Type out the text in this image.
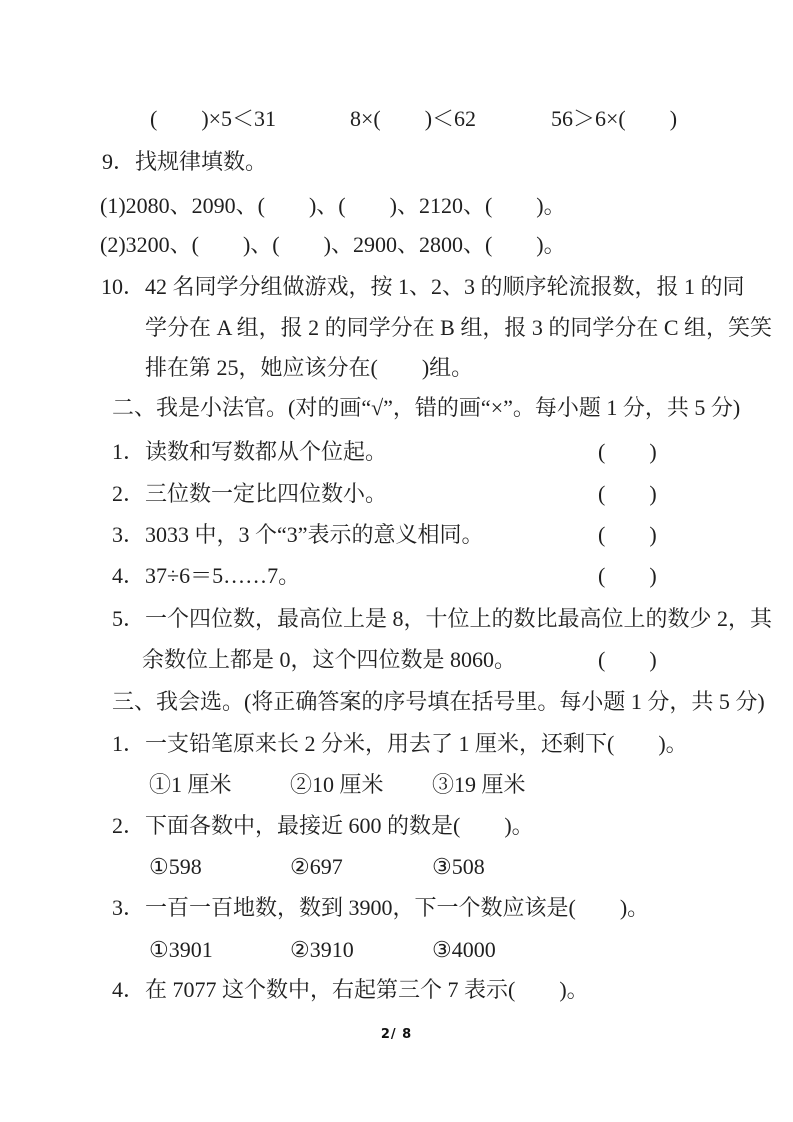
(　　)×5＜31	8×(　　)＜62	56＞6×(　　)
9．找规律填数。
(1)2080、2090、(　　)、(　　)、2120、(　　)。
(2)3200、(　　)、(　　)、2900、2800、(　　)。
10．42 名同学分组做游戏，按 1、2、3 的顺序轮流报数，报 1 的同
学分在 A 组，报 2 的同学分在 B 组，报 3 的同学分在 C 组，笑笑
排在第 25，她应该分在(　　)组。
二、我是小法官。(对的画“√”，错的画“×”。每小题 1 分，共 5 分)
1．读数和写数都从个位起。	(　　)
2．三位数一定比四位数小。	(　　)
3．3033 中，3 个“3”表示的意义相同。	(　　)
4．37÷6＝5……7。	(　　)
5．一个四位数，最高位上是 8，十位上的数比最高位上的数少 2，其
余数位上都是 0，这个四位数是 8060。	(　　)
三、我会选。(将正确答案的序号填在括号里。每小题 1 分，共 5 分)
1．一支铅笔原来长 2 分米，用去了 1 厘米，还剩下(　　)。
①1 厘米	②10 厘米 ③19 厘米
2．下面各数中，最接近 600 的数是(　　)。
①598	②697	③508
3．一百一百地数，数到 3900，下一个数应该是(　　)。
①3901	②3910	③4000
4．在 7077 这个数中，右起第三个 7 表示(　　)。
2/ 8
